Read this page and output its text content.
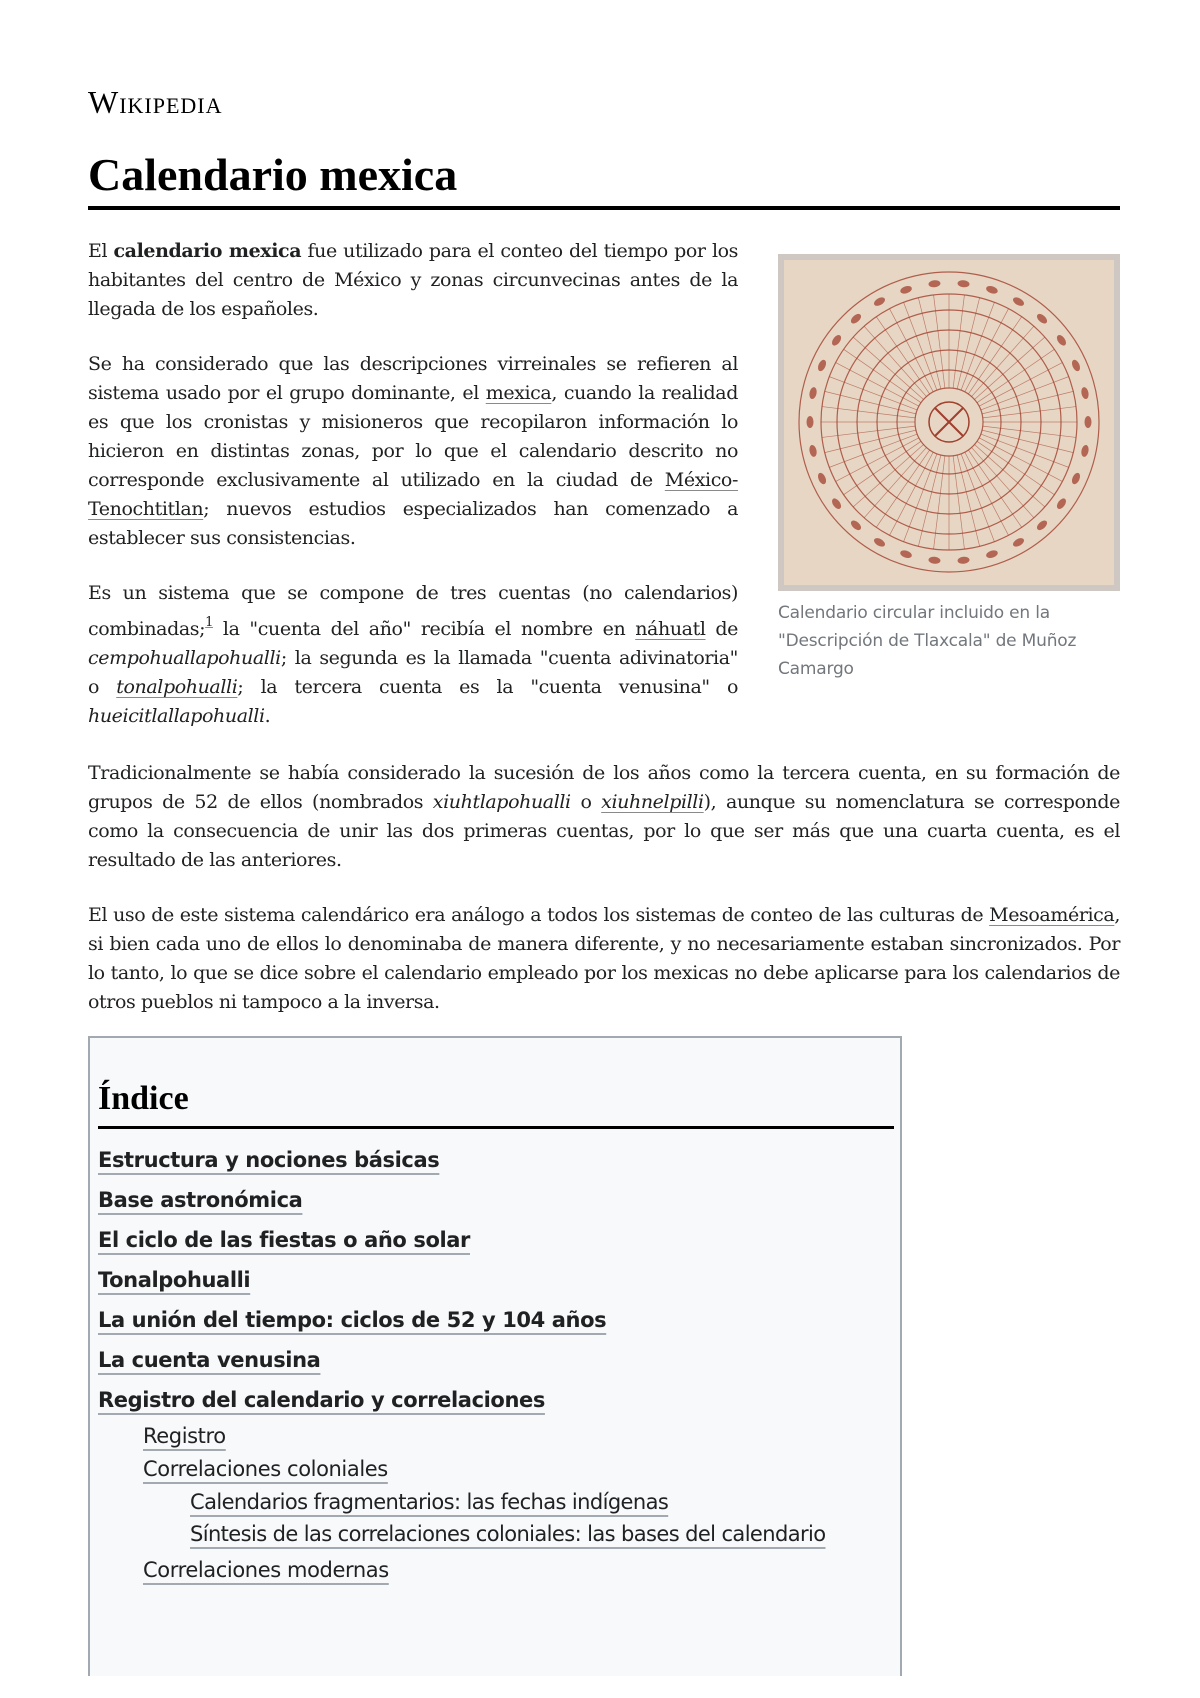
Wikipedia
Calendario mexica

El calendario mexica fue utilizado para el conteo del tiempo por los habitantes del centro de México y zonas circunvecinas antes de la llegada de los españoles.

Se ha considerado que las descripciones virreinales se refieren al sistema usado por el grupo dominante, el mexica, cuando la realidad es que los cronistas y misioneros que recopilaron información lo hicieron en distintas zonas, por lo que el calendario descrito no corresponde exclusivamente al utilizado en la ciudad de México-Tenochtitlan; nuevos estudios especializados han comenzado a establecer sus consistencias.

Es un sistema que se compone de tres cuentas (no calendarios) combinadas;$^1$ la "cuenta del año" recibía el nombre en náhuatl de cempohuallapohualli; la segunda es la llamada "cuenta adivinatoria" o tonalpohualli; la tercera cuenta es la "cuenta venusina" o hueicitlallapohualli.

Calendario circular incluido en la "Descripción de Tlaxcala" de Muñoz Camargo

Tradicionalmente se había considerado la sucesión de los años como la tercera cuenta, en su formación de grupos de 52 de ellos (nombrados xiuhtlapohualli o xiuhnelpilli), aunque su nomenclatura se corresponde como la consecuencia de unir las dos primeras cuentas, por lo que ser más que una cuarta cuenta, es el resultado de las anteriores.

El uso de este sistema calendárico era análogo a todos los sistemas de conteo de las culturas de Mesoamérica, si bien cada uno de ellos lo denominaba de manera diferente, y no necesariamente estaban sincronizados. Por lo tanto, lo que se dice sobre el calendario empleado por los mexicas no debe aplicarse para los calendarios de otros pueblos ni tampoco a la inversa.

Índice
Estructura y nociones básicas
Base astronómica
El ciclo de las fiestas o año solar
Tonalpohualli
La unión del tiempo: ciclos de 52 y 104 años
La cuenta venusina
Registro del calendario y correlaciones
Registro
Correlaciones coloniales
Calendarios fragmentarios: las fechas indígenas
Síntesis de las correlaciones coloniales: las bases del calendario
Correlaciones modernas
